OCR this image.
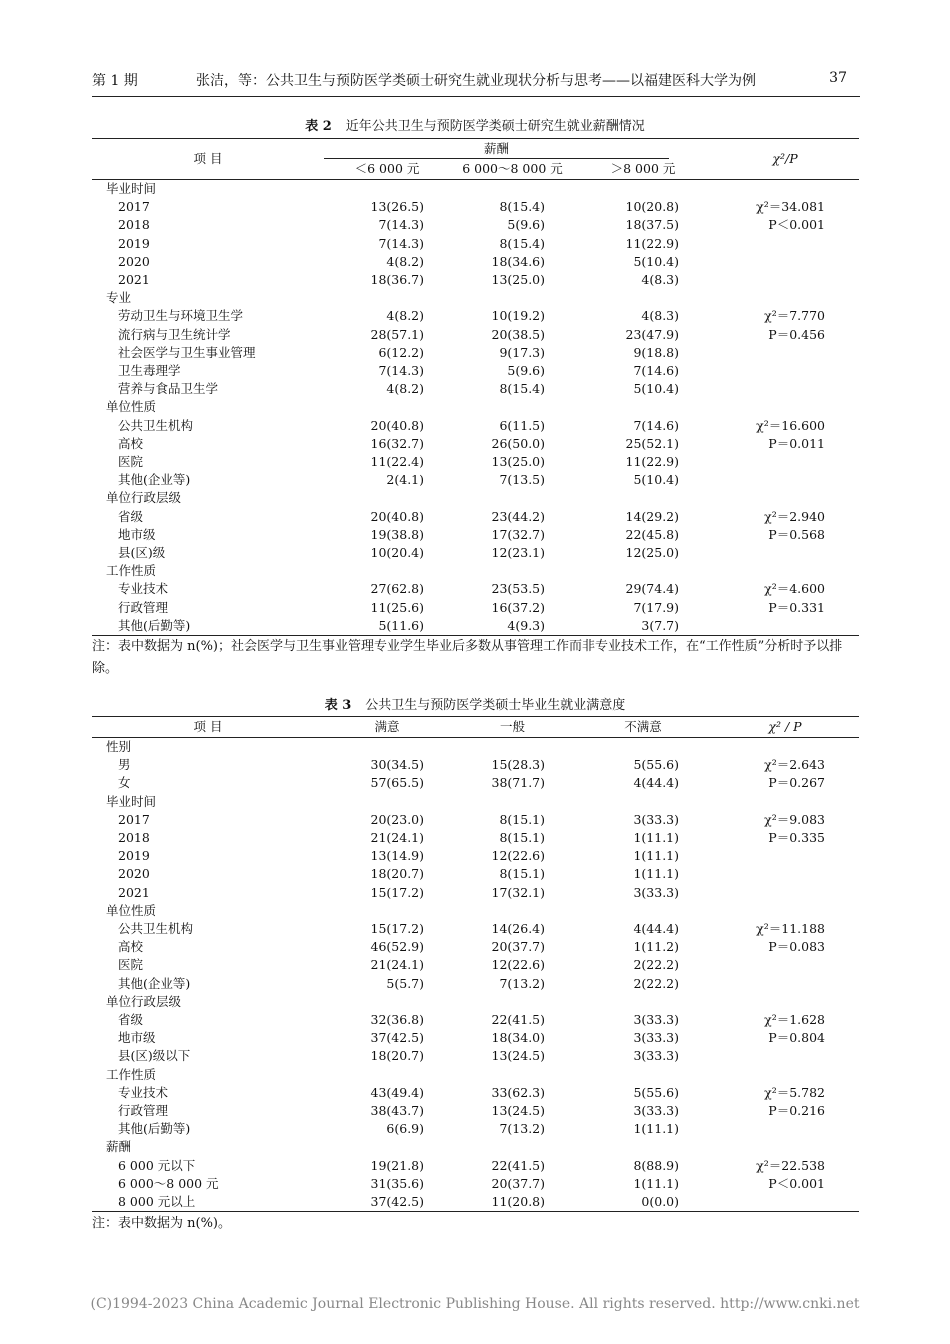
第 1 期	张洁，等：公共卫生与预防医学类硕士研究生就业现状分析与思考——以福建医科大学为例	37
表 2 近年公共卫生与预防医学类硕士研究生就业薪酬情况
项 目	薪酬			χ²/P
	＜6 000 元	6 000～8 000 元	＞8 000 元	
毕业时间				
2017	13(26.5)	8(15.4)	10(20.8)	χ²＝34.081
2018	7(14.3)	5(9.6)	18(37.5)	P＜0.001
2019	7(14.3)	8(15.4)	11(22.9)	
2020	4(8.2)	18(34.6)	5(10.4)	
2021	18(36.7)	13(25.0)	4(8.3)	
专业				
劳动卫生与环境卫生学	4(8.2)	10(19.2)	4(8.3)	χ²＝7.770
流行病与卫生统计学	28(57.1)	20(38.5)	23(47.9)	P＝0.456
社会医学与卫生事业管理	6(12.2)	9(17.3)	9(18.8)	
卫生毒理学	7(14.3)	5(9.6)	7(14.6)	
营养与食品卫生学	4(8.2)	8(15.4)	5(10.4)	
单位性质				
公共卫生机构	20(40.8)	6(11.5)	7(14.6)	χ²＝16.600
高校	16(32.7)	26(50.0)	25(52.1)	P＝0.011
医院	11(22.4)	13(25.0)	11(22.9)	
其他(企业等)	2(4.1)	7(13.5)	5(10.4)	
单位行政层级				
省级	20(40.8)	23(44.2)	14(29.2)	χ²＝2.940
地市级	19(38.8)	17(32.7)	22(45.8)	P＝0.568
县(区)级	10(20.4)	12(23.1)	12(25.0)	
工作性质				
专业技术	27(62.8)	23(53.5)	29(74.4)	χ²＝4.600
行政管理	11(25.6)	16(37.2)	7(17.9)	P＝0.331
其他(后勤等)	5(11.6)	4(9.3)	3(7.7)	
注：表中数据为 n(%)；社会医学与卫生事业管理专业学生毕业后多数从事管理工作而非专业技术工作，在“工作性质”分析时予以排除。
表 3 公共卫生与预防医学类硕士毕业生就业满意度
项 目	满意	一般	不满意	χ² / P
性别				
男	30(34.5)	15(28.3)	5(55.6)	χ²＝2.643
女	57(65.5)	38(71.7)	4(44.4)	P＝0.267
毕业时间				
2017	20(23.0)	8(15.1)	3(33.3)	χ²＝9.083
2018	21(24.1)	8(15.1)	1(11.1)	P＝0.335
2019	13(14.9)	12(22.6)	1(11.1)	
2020	18(20.7)	8(15.1)	1(11.1)	
2021	15(17.2)	17(32.1)	3(33.3)	
单位性质				
公共卫生机构	15(17.2)	14(26.4)	4(44.4)	χ²＝11.188
高校	46(52.9)	20(37.7)	1(11.2)	P＝0.083
医院	21(24.1)	12(22.6)	2(22.2)	
其他(企业等)	5(5.7)	7(13.2)	2(22.2)	
单位行政层级				
省级	32(36.8)	22(41.5)	3(33.3)	χ²＝1.628
地市级	37(42.5)	18(34.0)	3(33.3)	P＝0.804
县(区)级以下	18(20.7)	13(24.5)	3(33.3)	
工作性质				
专业技术	43(49.4)	33(62.3)	5(55.6)	χ²＝5.782
行政管理	38(43.7)	13(24.5)	3(33.3)	P＝0.216
其他(后勤等)	6(6.9)	7(13.2)	1(11.1)	
薪酬				
6 000 元以下	19(21.8)	22(41.5)	8(88.9)	χ²＝22.538
6 000～8 000 元	31(35.6)	20(37.7)	1(11.1)	P＜0.001
8 000 元以上	37(42.5)	11(20.8)	0(0.0)	
注：表中数据为 n(%)。
(C)1994-2023 China Academic Journal Electronic Publishing House. All rights reserved. http://www.cnki.net
